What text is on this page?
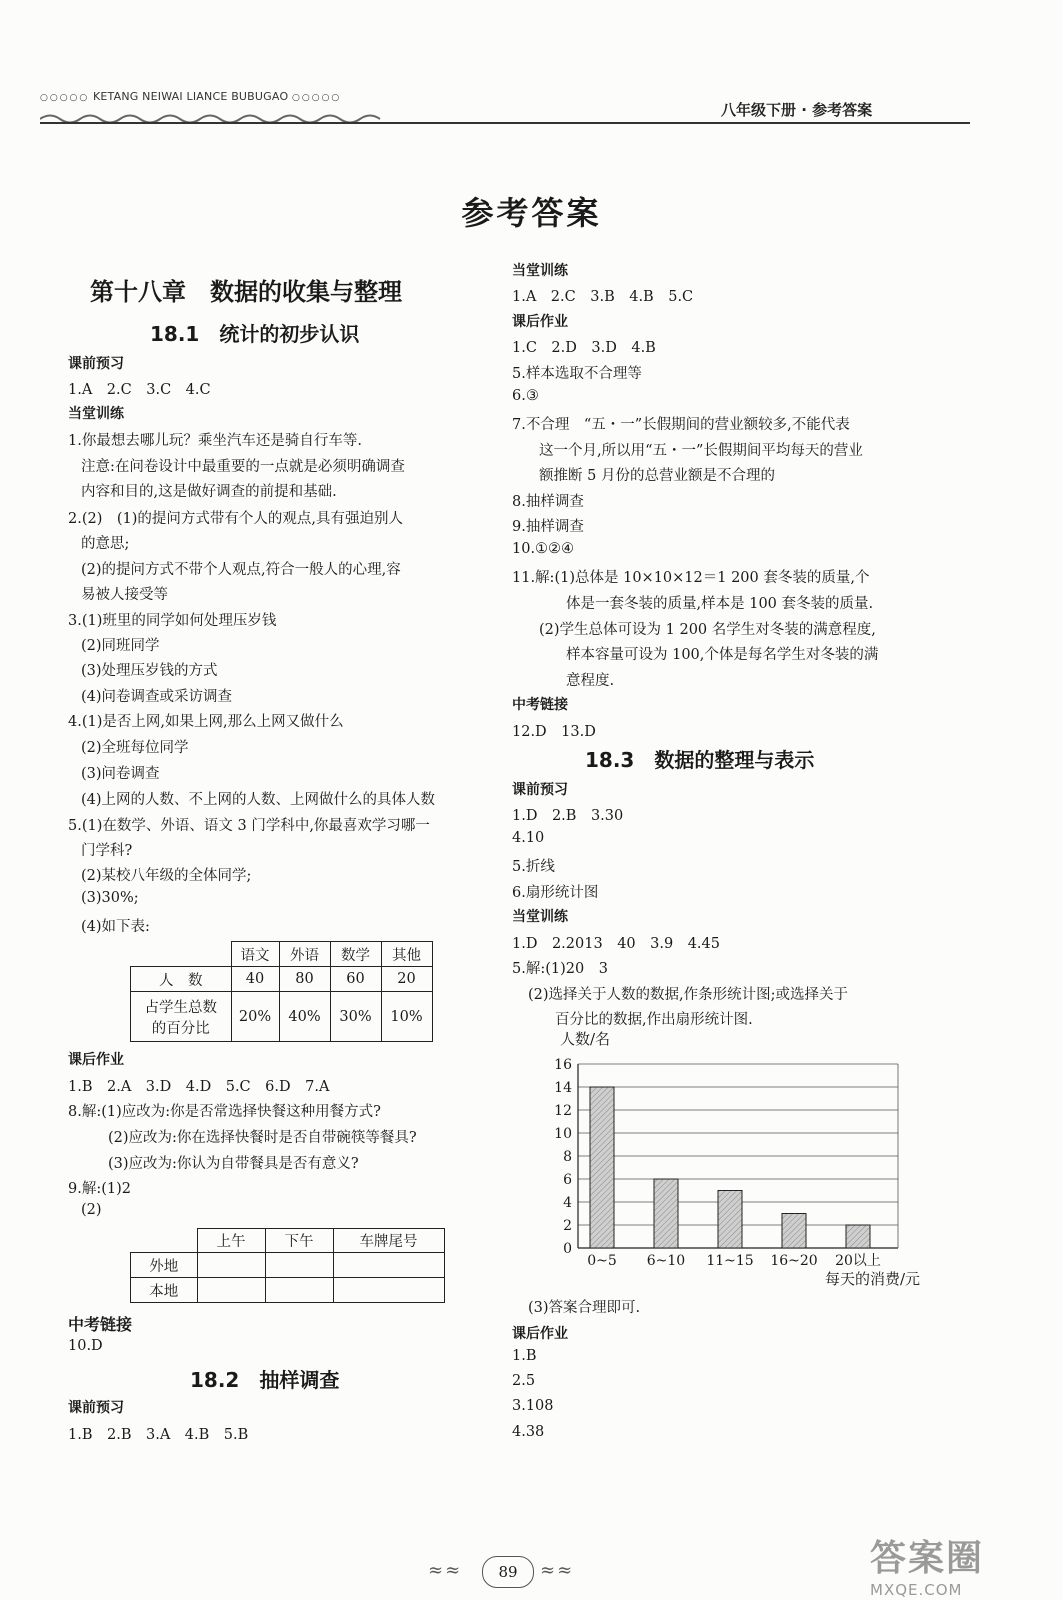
○○○○○ KETANG NEIWAI LIANCE BUBUGAO ○○○○○
八年级下册 · 参考答案
参考答案
第十八章　数据的收集与整理
18.1　统计的初步认识
课前预习
1.A　2.C　3.C　4.C
当堂训练
1.你最想去哪儿玩？乘坐汽车还是骑自行车等.
注意:在问卷设计中最重要的一点就是必须明确调查
内容和目的,这是做好调查的前提和基础.
2.(2)　(1)的提问方式带有个人的观点,具有强迫别人
的意思;
(2)的提问方式不带个人观点,符合一般人的心理,容
易被人接受等
3.(1)班里的同学如何处理压岁钱
(2)同班同学
(3)处理压岁钱的方式
(4)问卷调查或采访调查
4.(1)是否上网,如果上网,那么上网又做什么
(2)全班每位同学
(3)问卷调查
(4)上网的人数、不上网的人数、上网做什么的具体人数
5.(1)在数学、外语、语文 3 门学科中,你最喜欢学习哪一
门学科?
(2)某校八年级的全体同学;
(3)30%;
(4)如下表:
	语文	外语	数学	其他
人　数	40	80	60	20
占学生总数
的百分比	20%	40%	30%	10%
课后作业
1.B　2.A　3.D　4.D　5.C　6.D　7.A
8.解:(1)应改为:你是否常选择快餐这种用餐方式?
(2)应改为:你在选择快餐时是否自带碗筷等餐具?
(3)应改为:你认为自带餐具是否有意义?
9.解:(1)2
(2)
	上午	下午	车牌尾号
外地			
本地			
中考链接
10.D
18.2　抽样调查
课前预习
1.B　2.B　3.A　4.B　5.B
当堂训练
1.A　2.C　3.B　4.B　5.C
课后作业
1.C　2.D　3.D　4.B
5.样本选取不合理等
6.③
7.不合理　“五・一”长假期间的营业额较多,不能代表
这一个月,所以用“五・一”长假期间平均每天的营业
额推断 5 月份的总营业额是不合理的
8.抽样调查
9.抽样调查
10.①②④
11.解:(1)总体是 10×10×12＝1 200 套冬装的质量,个
体是一套冬装的质量,样本是 100 套冬装的质量.
(2)学生总体可设为 1 200 名学生对冬装的满意程度,
样本容量可设为 100,个体是每名学生对冬装的满
意程度.
中考链接
12.D　13.D
18.3　数据的整理与表示
课前预习
1.D　2.B　3.30
4.10
5.折线
6.扇形统计图
当堂训练
1.D　2.2013　40　3.9　4.45
5.解:(1)20　3
(2)选择关于人数的数据,作条形统计图;或选择关于
百分比的数据,作出扇形统计图.
人数/名
0
2
4
6
8
10
12
14
16
0~5 6~10 11~15 16~20 20以上
每天的消费/元
(3)答案合理即可.
课后作业
1.B
2.5
3.108
4.38
≈≈	89	≈≈	答案圈
MXQE.COM
